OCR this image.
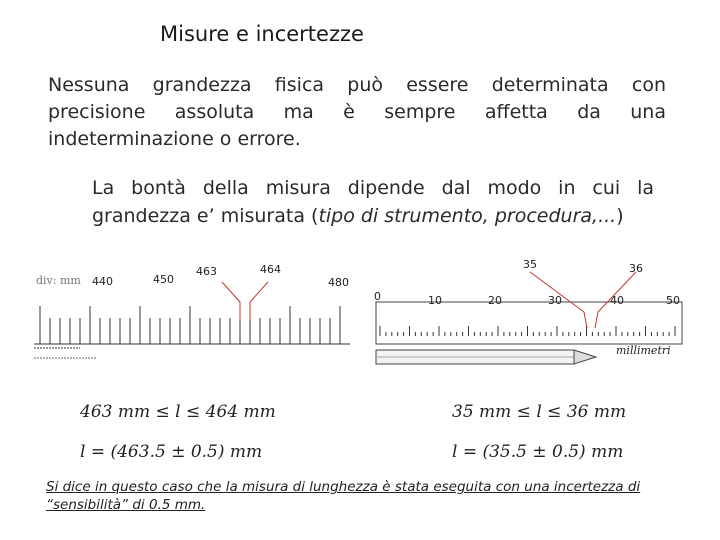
Misure e incertezze
Nessuna grandezza fisica può essere determinata con precisione assoluta ma è sempre affetta da una indeterminazione o errore.
La bontà della misura dipende dal modo in cui la grandezza e’ misurata (tipo di strumento, procedura,...)
div: mm 440	450
463	464
480
0	10	20	30	40	50
35	36
millimetri
463 mm ≤ l ≤ 464 mm	35 mm ≤ l ≤ 36 mm
l = (463.5 ± 0.5) mm	l = (35.5 ± 0.5) mm
Si dice in questo caso che la misura di lunghezza è stata eseguita con una incertezza di “sensibilità” di 0.5 mm.
